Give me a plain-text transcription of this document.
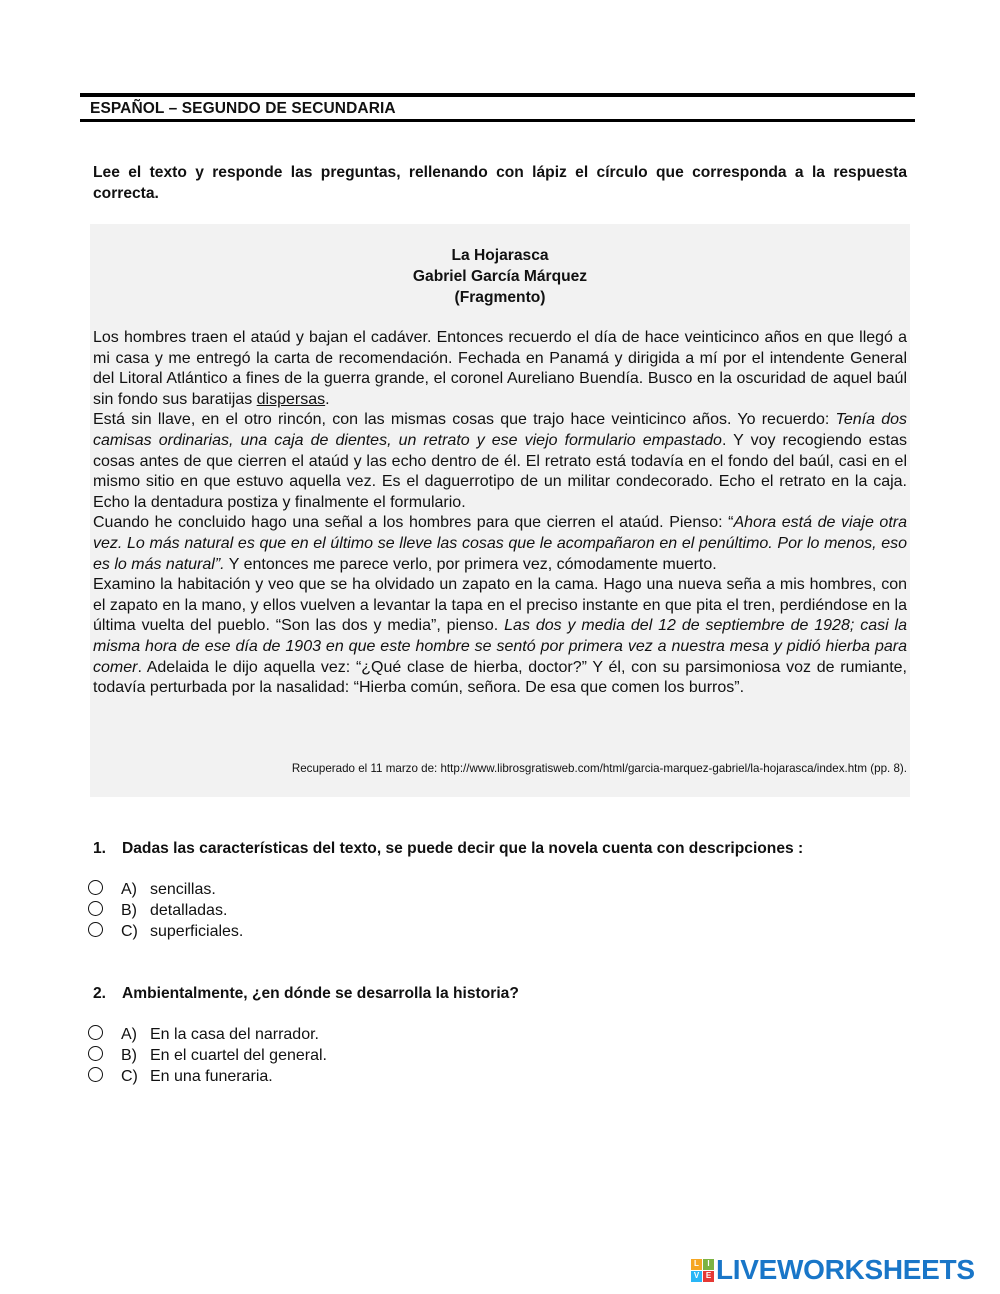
ESPAÑOL – SEGUNDO DE SECUNDARIA
Lee el texto y responde las preguntas, rellenando con lápiz el círculo que corresponda a la respuesta correcta.
La Hojarasca
Gabriel García Márquez
(Fragmento)

Los hombres traen el ataúd y bajan el cadáver. Entonces recuerdo el día de hace veinticinco años en que llegó a mi casa y me entregó la carta de recomendación. Fechada en Panamá y dirigida a mí por el intendente General del Litoral Atlántico a fines de la guerra grande, el coronel Aureliano Buendía. Busco en la oscuridad de aquel baúl sin fondo sus baratijas dispersas.

Está sin llave, en el otro rincón, con las mismas cosas que trajo hace veinticinco años. Yo recuerdo: Tenía dos camisas ordinarias, una caja de dientes, un retrato y ese viejo formulario empastado. Y voy recogiendo estas cosas antes de que cierren el ataúd y las echo dentro de él. El retrato está todavía en el fondo del baúl, casi en el mismo sitio en que estuvo aquella vez. Es el daguerrotipo de un militar condecorado. Echo el retrato en la caja. Echo la dentadura postiza y finalmente el formulario.

Cuando he concluido hago una señal a los hombres para que cierren el ataúd. Pienso: “Ahora está de viaje otra vez. Lo más natural es que en el último se lleve las cosas que le acompañaron en el penúltimo. Por lo menos, eso es lo más natural”. Y entonces me parece verlo, por primera vez, cómodamente muerto.

Examino la habitación y veo que se ha olvidado un zapato en la cama. Hago una nueva seña a mis hombres, con el zapato en la mano, y ellos vuelven a levantar la tapa en el preciso instante en que pita el tren, perdiéndose en la última vuelta del pueblo. “Son las dos y media”, pienso. Las dos y media del 12 de septiembre de 1928; casi la misma hora de ese día de 1903 en que este hombre se sentó por primera vez a nuestra mesa y pidió hierba para comer. Adelaida le dijo aquella vez: “¿Qué clase de hierba, doctor?” Y él, con su parsimoniosa voz de rumiante, todavía perturbada por la nasalidad: “Hierba común, señora. De esa que comen los burros”.

Recuperado el 11 marzo de: http://www.librosgratisweb.com/html/garcia-marquez-gabriel/la-hojarasca/index.htm (pp. 8).
1. Dadas las características del texto, se puede decir que la novela cuenta con descripciones :
A) sencillas.
B) detalladas.
C) superficiales.
2. Ambientalmente, ¿en dónde se desarrolla la historia?
A) En la casa del narrador.
B) En el cuartel del general.
C) En una funeraria.
L	I
V E LIVEWORKSHEETS
